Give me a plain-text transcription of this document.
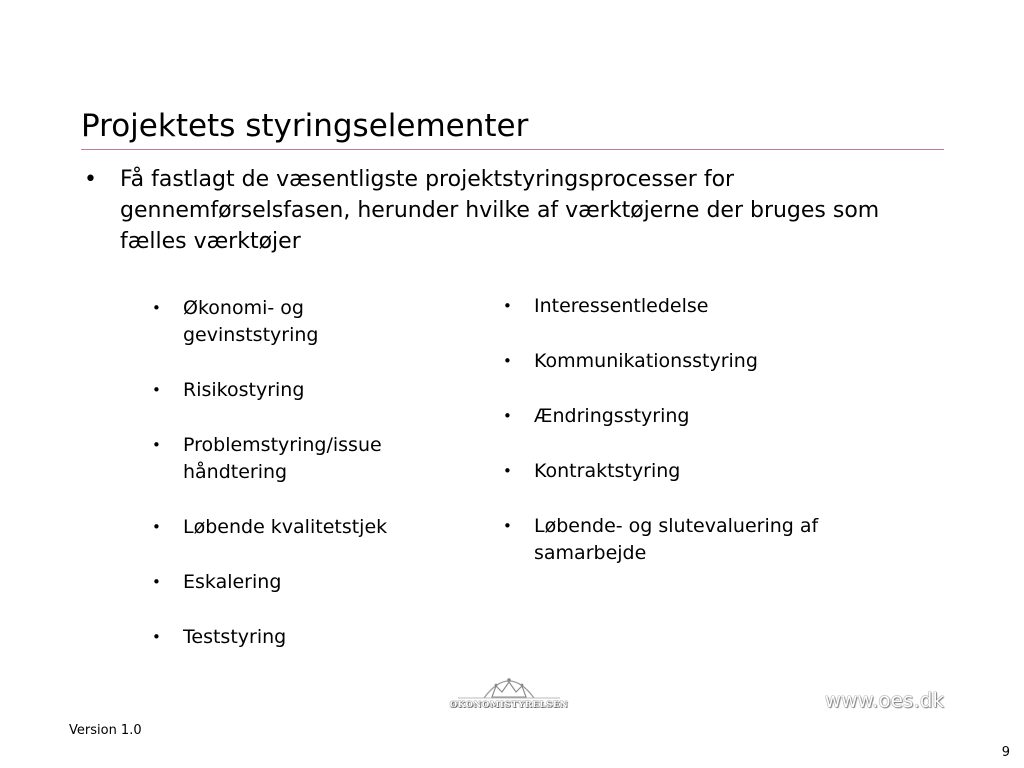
Projektets styringselementer
• Få fastlagt de væsentligste projektstyringsprocesser for gennemførselsfasen, herunder hvilke af værktøjerne der bruges som fælles værktøjer
• Økonomi- og gevinststyring
• Risikostyring
• Problemstyring/issue håndtering
• Løbende kvalitetstjek
• Eskalering
• Teststyring
• Interessentledelse
• Kommunikationsstyring
• Ændringsstyring
• Kontraktstyring
• Løbende- og slutevaluering af samarbejde
ØKONOMISTYRELSEN	www.oes.dk
Version 1.0
9
